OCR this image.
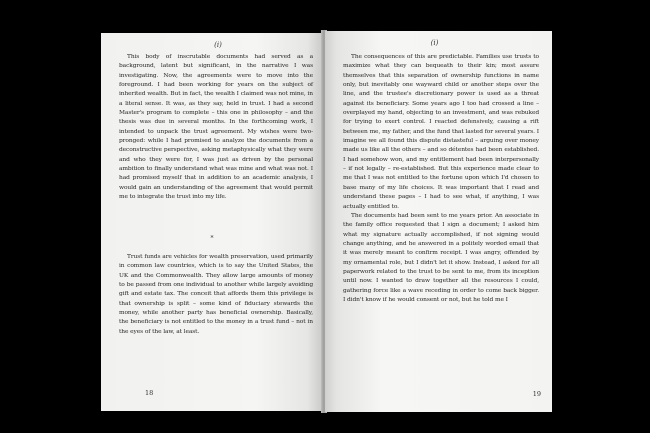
(i)

This body of inscrutable documents had served as a background, latent but significant, in the narrative I was investigating. Now, the agreements were to move into the foreground. I had been working for years on the subject of inherited wealth. But in fact, the wealth I claimed was not mine, in a literal sense. It was, as they say, held in trust. I had a second Master's program to complete – this one in philosophy – and the thesis was due in several months. In the forthcoming work, I intended to unpack the trust agreement. My wishes were two-pronged: while I had promised to analyze the documents from a deconstructive perspective, asking metaphysically what they were and who they were for, I was just as driven by the personal ambition to finally understand what was mine and what was not. I had promised myself that in addition to an academic analysis, I would gain an understanding of the agreement that would permit me to integrate the trust into my life.

*

Trust funds are vehicles for wealth preservation, used primarily in common law countries, which is to say the United States, the UK and the Commonwealth. They allow large amounts of money to be passed from one individual to another while largely avoiding gift and estate tax. The conceit that affords them this privilege is that ownership is split – some kind of fiduciary stewards the money, while another party has beneficial ownership. Basically, the beneficiary is not entitled to the money in a trust fund – not in the eyes of the law, at least.

18
(i)

The consequences of this are predictable. Families use trusts to maximize what they can bequeath to their kin; most assure themselves that this separation of ownership functions in name only, but inevitably one wayward child or another steps over the line, and the trustee's discretionary power is used as a threat against its beneficiary. Some years ago I too had crossed a line – overplayed my hand, objecting to an investment, and was rebuked for trying to exert control. I reacted defensively, causing a rift between me, my father, and the fund that lasted for several years. I imagine we all found this dispute distasteful – arguing over money made us like all the others – and so détentes had been established. I had somehow won, and my entitlement had been interpersonally – if not legally – re-established. But this experience made clear to me that I was not entitled to the fortune upon which I'd chosen to base many of my life choices. It was important that I read and understand these pages – I had to see what, if anything, I was actually entitled to.

The documents had been sent to me years prior. An associate in the family office requested that I sign a document; I asked him what my signature actually accomplished, if not signing would change anything, and he answered in a politely worded email that it was merely meant to confirm receipt. I was angry, offended by my ornamental role, but I didn't let it show. Instead, I asked for all paperwork related to the trust to be sent to me, from its inception until now. I wanted to draw together all the resources I could, gathering force like a wave receding in order to come back bigger. I didn't know if he would consent or not, but he told me I

19
